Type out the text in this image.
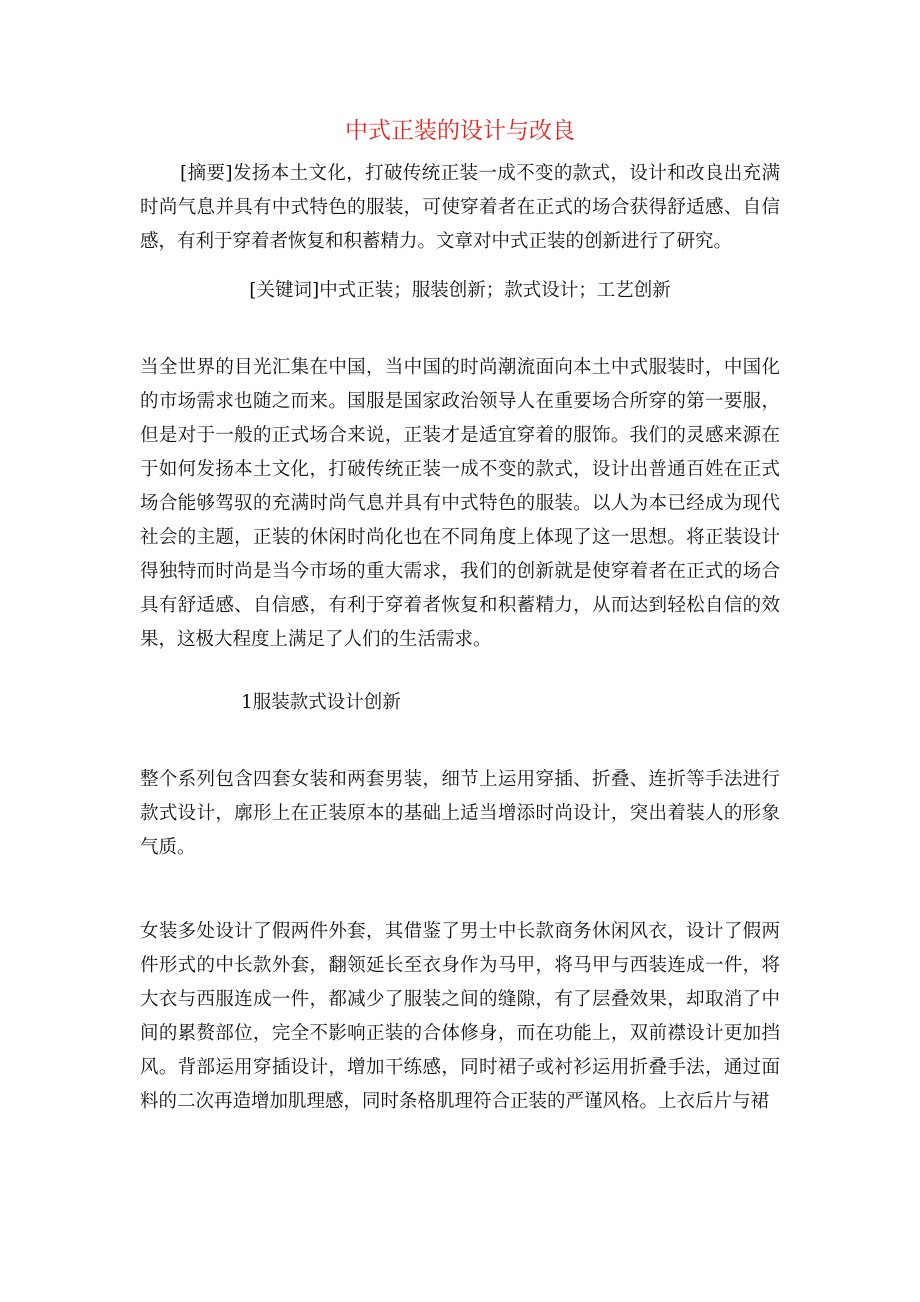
中式正装的设计与改良

[摘要]发扬本土文化，打破传统正装一成不变的款式，设计和改良出充满时尚气息并具有中式特色的服装，可使穿着者在正式的场合获得舒适感、自信感，有利于穿着者恢复和积蓄精力。文章对中式正装的创新进行了研究。

[关键词]中式正装；服装创新；款式设计；工艺创新

当全世界的目光汇集在中国，当中国的时尚潮流面向本土中式服装时，中国化的市场需求也随之而来。国服是国家政治领导人在重要场合所穿的第一要服，但是对于一般的正式场合来说，正装才是适宜穿着的服饰。我们的灵感来源在于如何发扬本土文化，打破传统正装一成不变的款式，设计出普通百姓在正式场合能够驾驭的充满时尚气息并具有中式特色的服装。以人为本已经成为现代社会的主题，正装的休闲时尚化也在不同角度上体现了这一思想。将正装设计得独特而时尚是当今市场的重大需求，我们的创新就是使穿着者在正式的场合具有舒适感、自信感，有利于穿着者恢复和积蓄精力，从而达到轻松自信的效果，这极大程度上满足了人们的生活需求。

1服装款式设计创新

整个系列包含四套女装和两套男装，细节上运用穿插、折叠、连折等手法进行款式设计，廓形上在正装原本的基础上适当增添时尚设计，突出着装人的形象气质。

女装多处设计了假两件外套，其借鉴了男士中长款商务休闲风衣，设计了假两件形式的中长款外套，翻领延长至衣身作为马甲，将马甲与西装连成一件，将大衣与西服连成一件，都减少了服装之间的缝隙，有了层叠效果，却取消了中间的累赘部位，完全不影响正装的合体修身，而在功能上，双前襟设计更加挡风。背部运用穿插设计，增加干练感，同时裙子或衬衫运用折叠手法，通过面料的二次再造增加肌理感，同时条格肌理符合正装的严谨风格。上衣后片与裙
